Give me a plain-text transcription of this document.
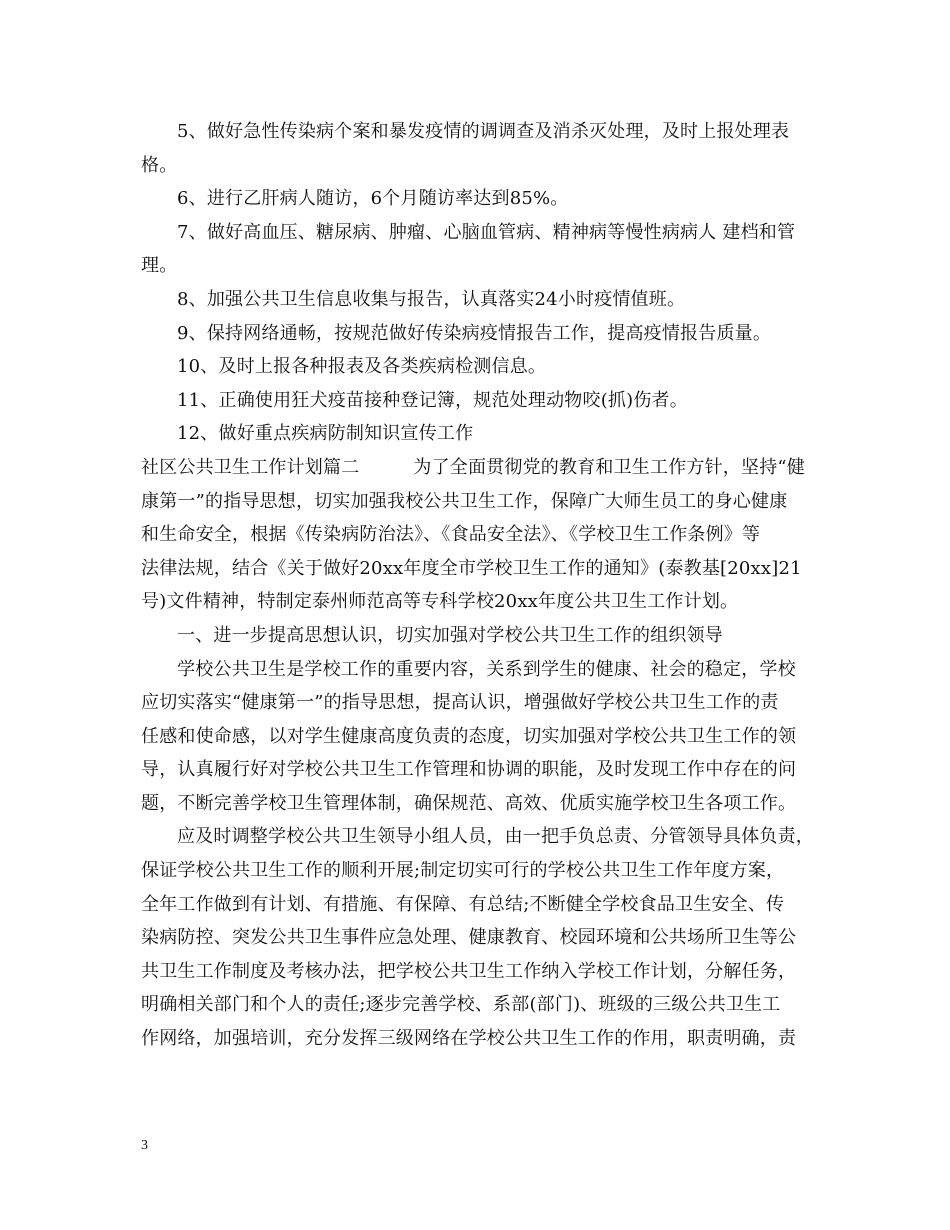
5、做好急性传染病个案和暴发疫情的调调查及消杀灭处理，及时上报处理表
格。
6、进行乙肝病人随访，6个月随访率达到85%。
7、做好高血压、糖尿病、肿瘤、心脑血管病、精神病等慢性病病人 建档和管
理。
8、加强公共卫生信息收集与报告，认真落实24小时疫情值班。
9、保持网络通畅，按规范做好传染病疫情报告工作，提高疫情报告质量。
10、及时上报各种报表及各类疾病检测信息。
11、正确使用狂犬疫苗接种登记簿，规范处理动物咬(抓)伤者。
12、做好重点疾病防制知识宣传工作
社区公共卫生工作计划篇二	为了全面贯彻党的教育和卫生工作方针，坚持“健
康第一”的指导思想，切实加强我校公共卫生工作，保障广大师生员工的身心健康
和生命安全，根据《传染病防治法》、《食品安全法》、《学校卫生工作条例》等
法律法规，结合《关于做好20xx年度全市学校卫生工作的通知》(泰教基[20xx]21
号)文件精神，特制定泰州师范高等专科学校20xx年度公共卫生工作计划。
一、进一步提高思想认识，切实加强对学校公共卫生工作的组织领导
学校公共卫生是学校工作的重要内容，关系到学生的健康、社会的稳定，学校
应切实落实“健康第一”的指导思想，提高认识，增强做好学校公共卫生工作的责
任感和使命感，以对学生健康高度负责的态度，切实加强对学校公共卫生工作的领
导，认真履行好对学校公共卫生工作管理和协调的职能，及时发现工作中存在的问
题，不断完善学校卫生管理体制，确保规范、高效、优质实施学校卫生各项工作。
应及时调整学校公共卫生领导小组人员，由一把手负总责、分管领导具体负责，
保证学校公共卫生工作的顺利开展;制定切实可行的学校公共卫生工作年度方案，
全年工作做到有计划、有措施、有保障、有总结;不断健全学校食品卫生安全、传
染病防控、突发公共卫生事件应急处理、健康教育、校园环境和公共场所卫生等公
共卫生工作制度及考核办法，把学校公共卫生工作纳入学校工作计划，分解任务，
明确相关部门和个人的责任;逐步完善学校、系部(部门)、班级的三级公共卫生工
作网络，加强培训，充分发挥三级网络在学校公共卫生工作的作用，职责明确，责
3
